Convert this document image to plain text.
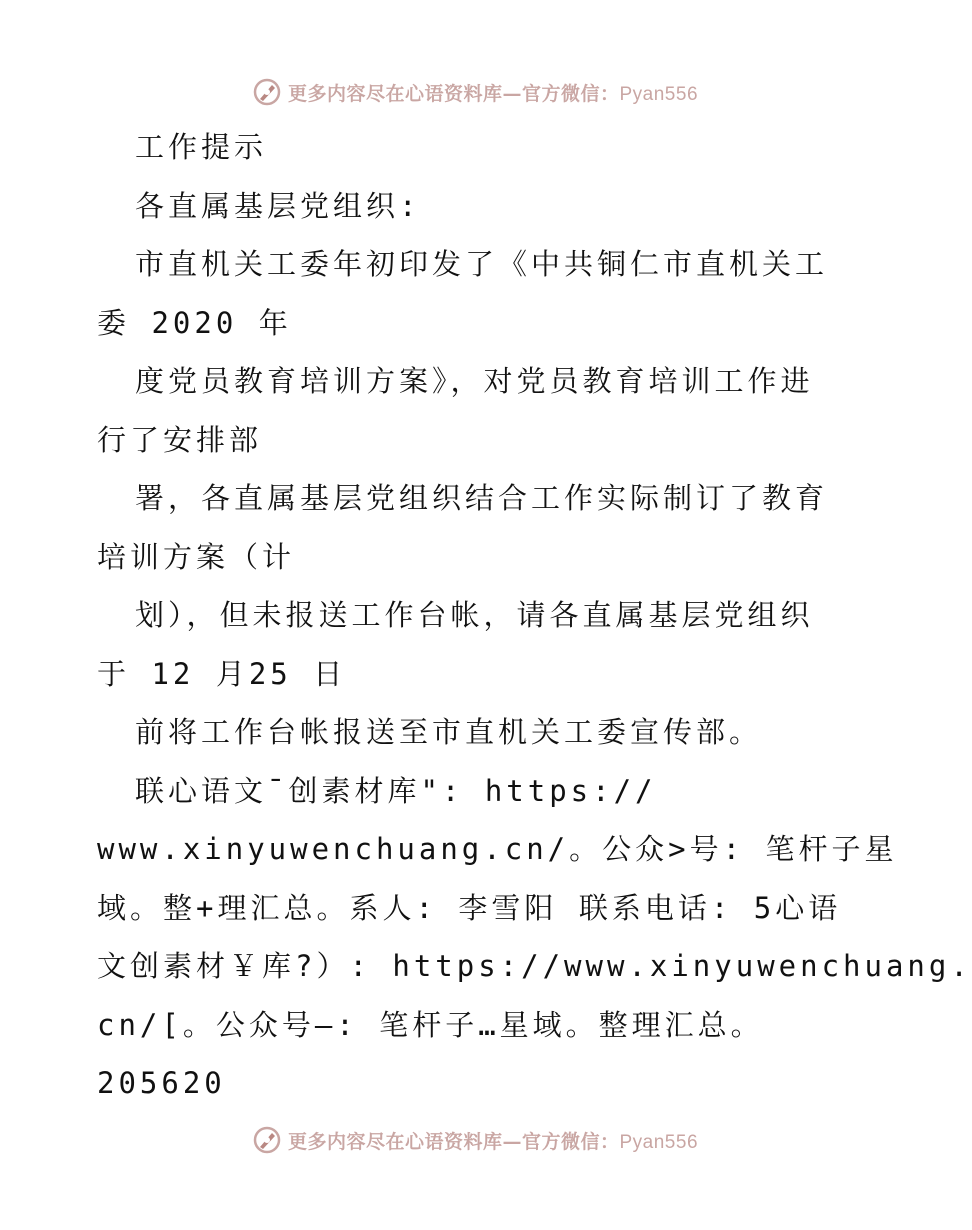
更多内容尽在心语资料库—官方微信：Pyan556
工作提示
各直属基层党组织:
市直机关工委年初印发了《中共铜仁市直机关工
委 2020 年
度党员教育培训方案》，对党员教育培训工作进
行了安排部
署，各直属基层党组织结合工作实际制订了教育
培训方案（计
划），但未报送工作台帐，请各直属基层党组织
于 12 月25 日
前将工作台帐报送至市直机关工委宣传部。
联心语文¯创素材库": https://
www.xinyuwenchuang.cn/。公众>号: 笔杆子星
域。整+理汇总。系人: 李雪阳 联系电话: 5心语
文创素材￥库?）: https://www.xinyuwenchuang.
cn/[。公众号—: 笔杆子…星域。整理汇总。
205620
更多内容尽在心语资料库—官方微信：Pyan556
